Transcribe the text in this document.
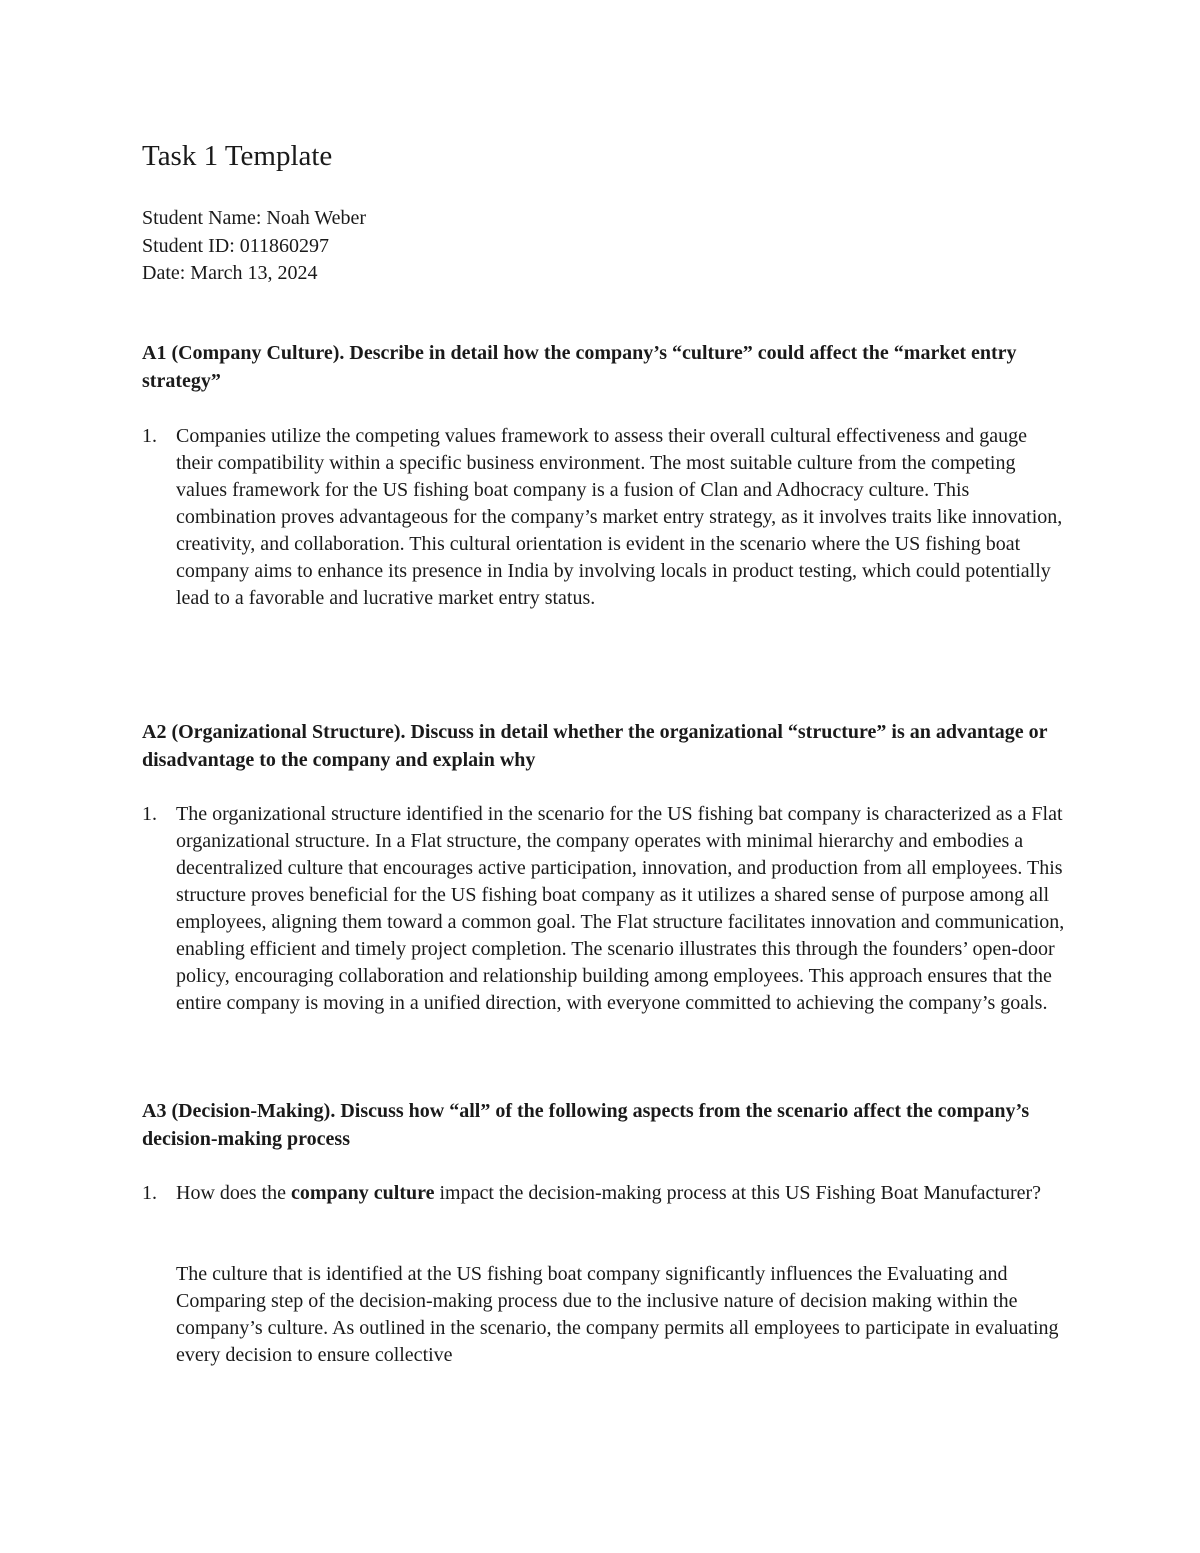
Task 1 Template
Student Name: Noah Weber
Student ID: 011860297
Date: March 13, 2024

A1 (Company Culture). Describe in detail how the company’s “culture” could affect the “market entry strategy”

1. Companies utilize the competing values framework to assess their overall cultural effectiveness and gauge their compatibility within a specific business environment. The most suitable culture from the competing values framework for the US fishing boat company is a fusion of Clan and Adhocracy culture. This combination proves advantageous for the company’s market entry strategy, as it involves traits like innovation, creativity, and collaboration. This cultural orientation is evident in the scenario where the US fishing boat company aims to enhance its presence in India by involving locals in product testing, which could potentially lead to a favorable and lucrative market entry status.

A2 (Organizational Structure). Discuss in detail whether the organizational “structure” is an advantage or disadvantage to the company and explain why

1. The organizational structure identified in the scenario for the US fishing bat company is characterized as a Flat organizational structure. In a Flat structure, the company operates with minimal hierarchy and embodies a decentralized culture that encourages active participation, innovation, and production from all employees. This structure proves beneficial for the US fishing boat company as it utilizes a shared sense of purpose among all employees, aligning them toward a common goal. The Flat structure facilitates innovation and communication, enabling efficient and timely project completion. The scenario illustrates this through the founders’ open-door policy, encouraging collaboration and relationship building among employees. This approach ensures that the entire company is moving in a unified direction, with everyone committed to achieving the company’s goals.

A3 (Decision-Making). Discuss how “all” of the following aspects from the scenario affect the company’s decision-making process

1. How does the company culture impact the decision-making process at this US Fishing Boat Manufacturer?

The culture that is identified at the US fishing boat company significantly influences the Evaluating and Comparing step of the decision-making process due to the inclusive nature of decision making within the company’s culture. As outlined in the scenario, the company permits all employees to participate in evaluating every decision to ensure collective
